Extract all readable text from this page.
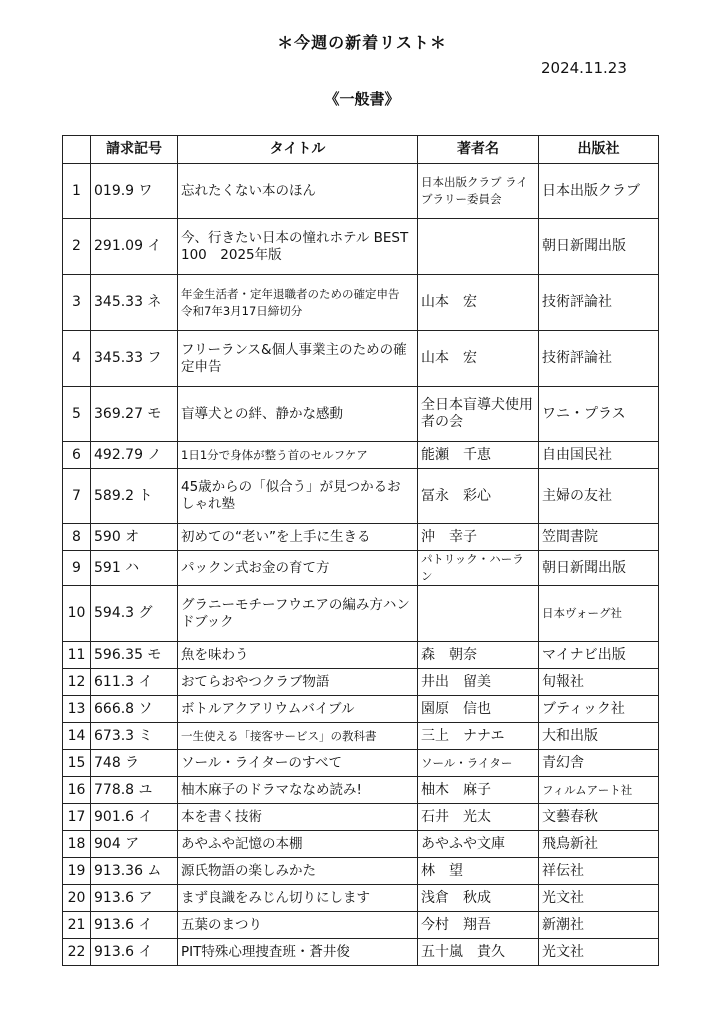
＊今週の新着リスト＊
2024.11.23
《一般書》
	請求記号	タイトル	著者名	出版社
1	019.9 ワ	忘れたくない本のほん	日本出版クラブ ライブラリー委員会	日本出版クラブ
2	291.09 イ	今、行きたい日本の憧れホテル BEST 100　2025年版		朝日新聞出版
3	345.33 ネ	年金生活者・定年退職者のための確定申告　令和7年3月17日締切分	山本　宏	技術評論社
4	345.33 フ	フリーランス&個人事業主のための確定申告	山本　宏	技術評論社
5	369.27 モ	盲導犬との絆、静かな感動	全日本盲導犬使用者の会	ワニ・プラス
6	492.79 ノ	1日1分で身体が整う首のセルフケア	能瀬　千恵	自由国民社
7	589.2 ト	45歳からの「似合う」が見つかるおしゃれ塾	冨永　彩心	主婦の友社
8	590 オ	初めての“老い”を上手に生きる	沖　幸子	笠間書院
9	591 ハ	パックン式お金の育て方	パトリック・ハーラン	朝日新聞出版
10	594.3 グ	グラニーモチーフウエアの編み方ハンドブック		日本ヴォーグ社
11	596.35 モ	魚を味わう	森　朝奈	マイナビ出版
12	611.3 イ	おてらおやつクラブ物語	井出　留美	旬報社
13	666.8 ソ	ボトルアクアリウムバイブル	園原　信也	ブティック社
14	673.3 ミ	一生使える「接客サービス」の教科書	三上　ナナエ	大和出版
15	748 ラ	ソール・ライターのすべて	ソール・ライター	青幻舎
16	778.8 ユ	柚木麻子のドラマななめ読み!	柚木　麻子	フィルムアート社
17	901.6 イ	本を書く技術	石井　光太	文藝春秋
18	904 ア	あやふや記憶の本棚	あやふや文庫	飛鳥新社
19	913.36 ム	源氏物語の楽しみかた	林　望	祥伝社
20	913.6 ア	まず良識をみじん切りにします	浅倉　秋成	光文社
21	913.6 イ	五葉のまつり	今村　翔吾	新潮社
22	913.6 イ	PIT特殊心理捜査班・蒼井俊	五十嵐　貴久	光文社
